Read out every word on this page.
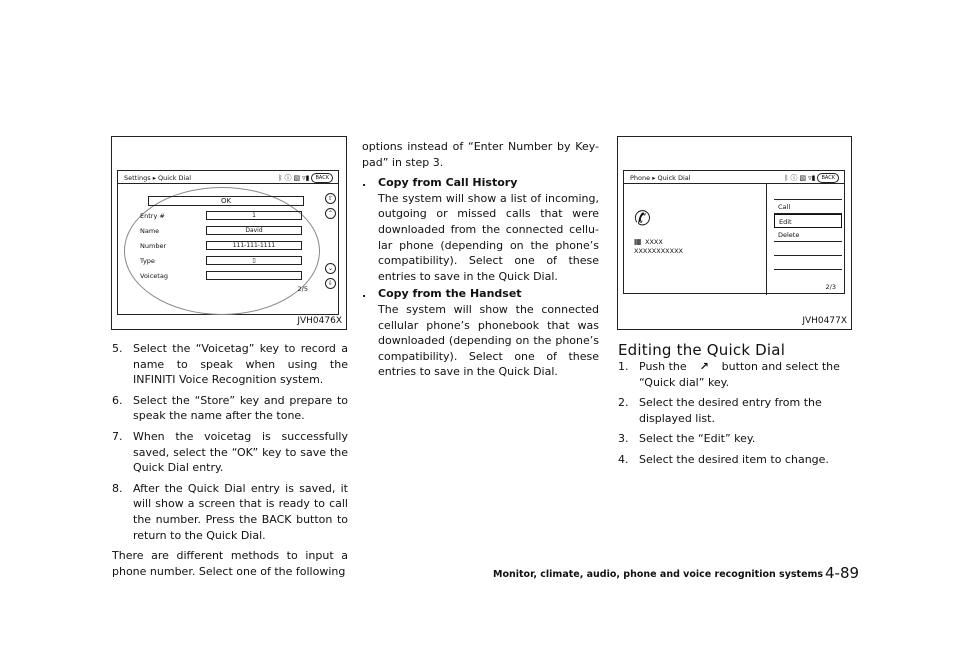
Settings ▸ Quick Dial	ᛒ ⓘ ▧ ▿▮	BACK
OK
Entry #	1
Name	David
Number	111-111-1111
Type	▯
Voicetag
2/5
⇧
⌃
⌄
⇩
JVH0476X
Phone ▸ Quick Dial	ᛒ ⓘ ▧ ▿▮	BACK
✆
▦ XXXX
XXXXXXXXXXX
Call
Edit
Delete
2/3
JVH0477X
5. Select the “Voicetag” key to record a name to speak when using the INFINITI Voice Recognition system.
6. Select the “Store” key and prepare to speak the name after the tone.
7. When the voicetag is successfully saved, select the “OK” key to save the Quick Dial entry.
8. After the Quick Dial entry is saved, it will show a screen that is ready to call the number. Press the BACK button to return to the Quick Dial.
There are different methods to input a phone number. Select one of the following
options instead of “Enter Number by Key-pad” in step 3.
. Copy from Call History
The system will show a list of incoming, outgoing or missed calls that were downloaded from the connected cellu-lar phone (depending on the phone’s compatibility). Select one of these entries to save in the Quick Dial.
. Copy from the Handset
The system will show the connected cellular phone’s phonebook that was downloaded (depending on the phone’s compatibility). Select one of these entries to save in the Quick Dial.
Editing the Quick Dial
1. Push the ↗ button and select the “Quick dial” key.
2. Select the desired entry from the displayed list.
3. Select the “Edit” key.
4. Select the desired item to change.
Monitor, climate, audio, phone and voice recognition systems 4-89
